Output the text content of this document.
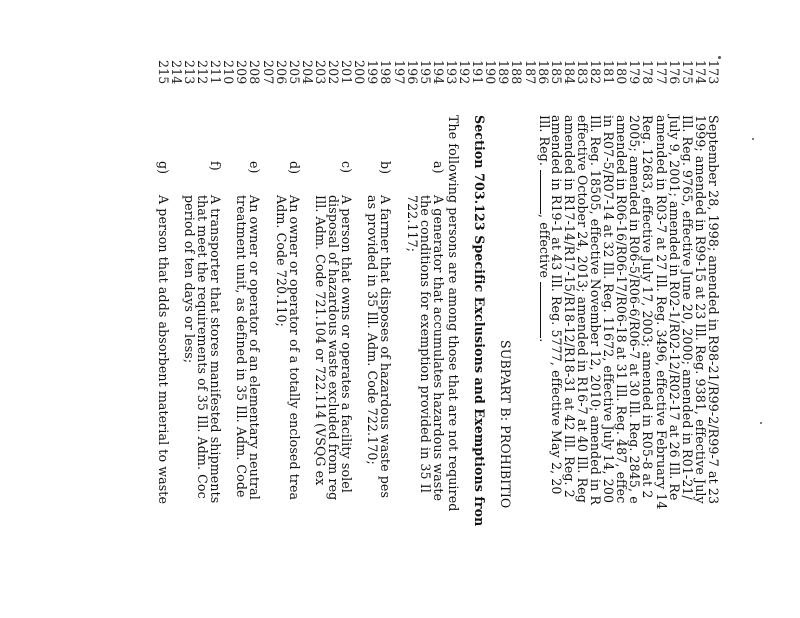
173
174
175
176
177
178
179
180
181
182
183
184
185
186
187
188
189
190
191
192
193
194
195
196
197
198
199
200
201
202
203
204
205
206
207
208
209
210
211
212
213
214
215
September 28, 1998; amended in R98-21/R99-2/R99-7 at 23
1999; amended in R99-15 at 23 Ill. Reg. 9381, effective July
Ill. Reg. 9765, effective June 20, 2000; amended in R01-21/
July 9, 2001; amended in R02-1/R02-12/R02-17 at 26 Ill. Re
amended in R03-7 at 27 Ill. Reg. 3496, effective February 14
Reg. 12683, effective July 17, 2003; amended in R05-8 at 2
2005; amended in R06-5/R06-6/R06-7 at 30 Ill. Reg. 2845, e
amended in R06-16/R06-17/R06-18 at 31 Ill. Reg. 487, effec
in R07-5/R07-14 at 32 Ill. Reg. 11672, effective July 14, 200
Ill. Reg. 18505, effective November 12, 2010; amended in R
effective October 24, 2013; amended in R16-7 at 40 Ill. Reg
amended in R17-14/R17-15/R18-12/R18-31 at 42 Ill. Reg. 2
amended in R19-1 at 43 Ill. Reg. 5777, effective May 2, 20
Ill. Reg. , effective .
SUBPART B: PROHIBITIO
Section 703.123 Specific Exclusions and Exemptions fron
The following persons are among those that are not required
a)
A generator that accumulates hazardous waste
the conditions for exemption provided in 35 Il
722.117;
b)
A farmer that disposes of hazardous waste pes
as provided in 35 Ill. Adm. Code 722.170;
c)
A person that owns or operates a facility solel
disposal of hazardous waste excluded from reg
Ill. Adm. Code 721.104 or 722.114 (VSQG ex
d)
An owner or operator of a totally enclosed trea
Adm. Code 720.110;
e)
An owner or operator of an elementary neutral
treatment unit, as defined in 35 Ill. Adm. Code
f)
A transporter that stores manifested shipments
that meet the requirements of 35 Ill. Adm. Coc
period of ten days or less;
g)
A person that adds absorbent material to waste
